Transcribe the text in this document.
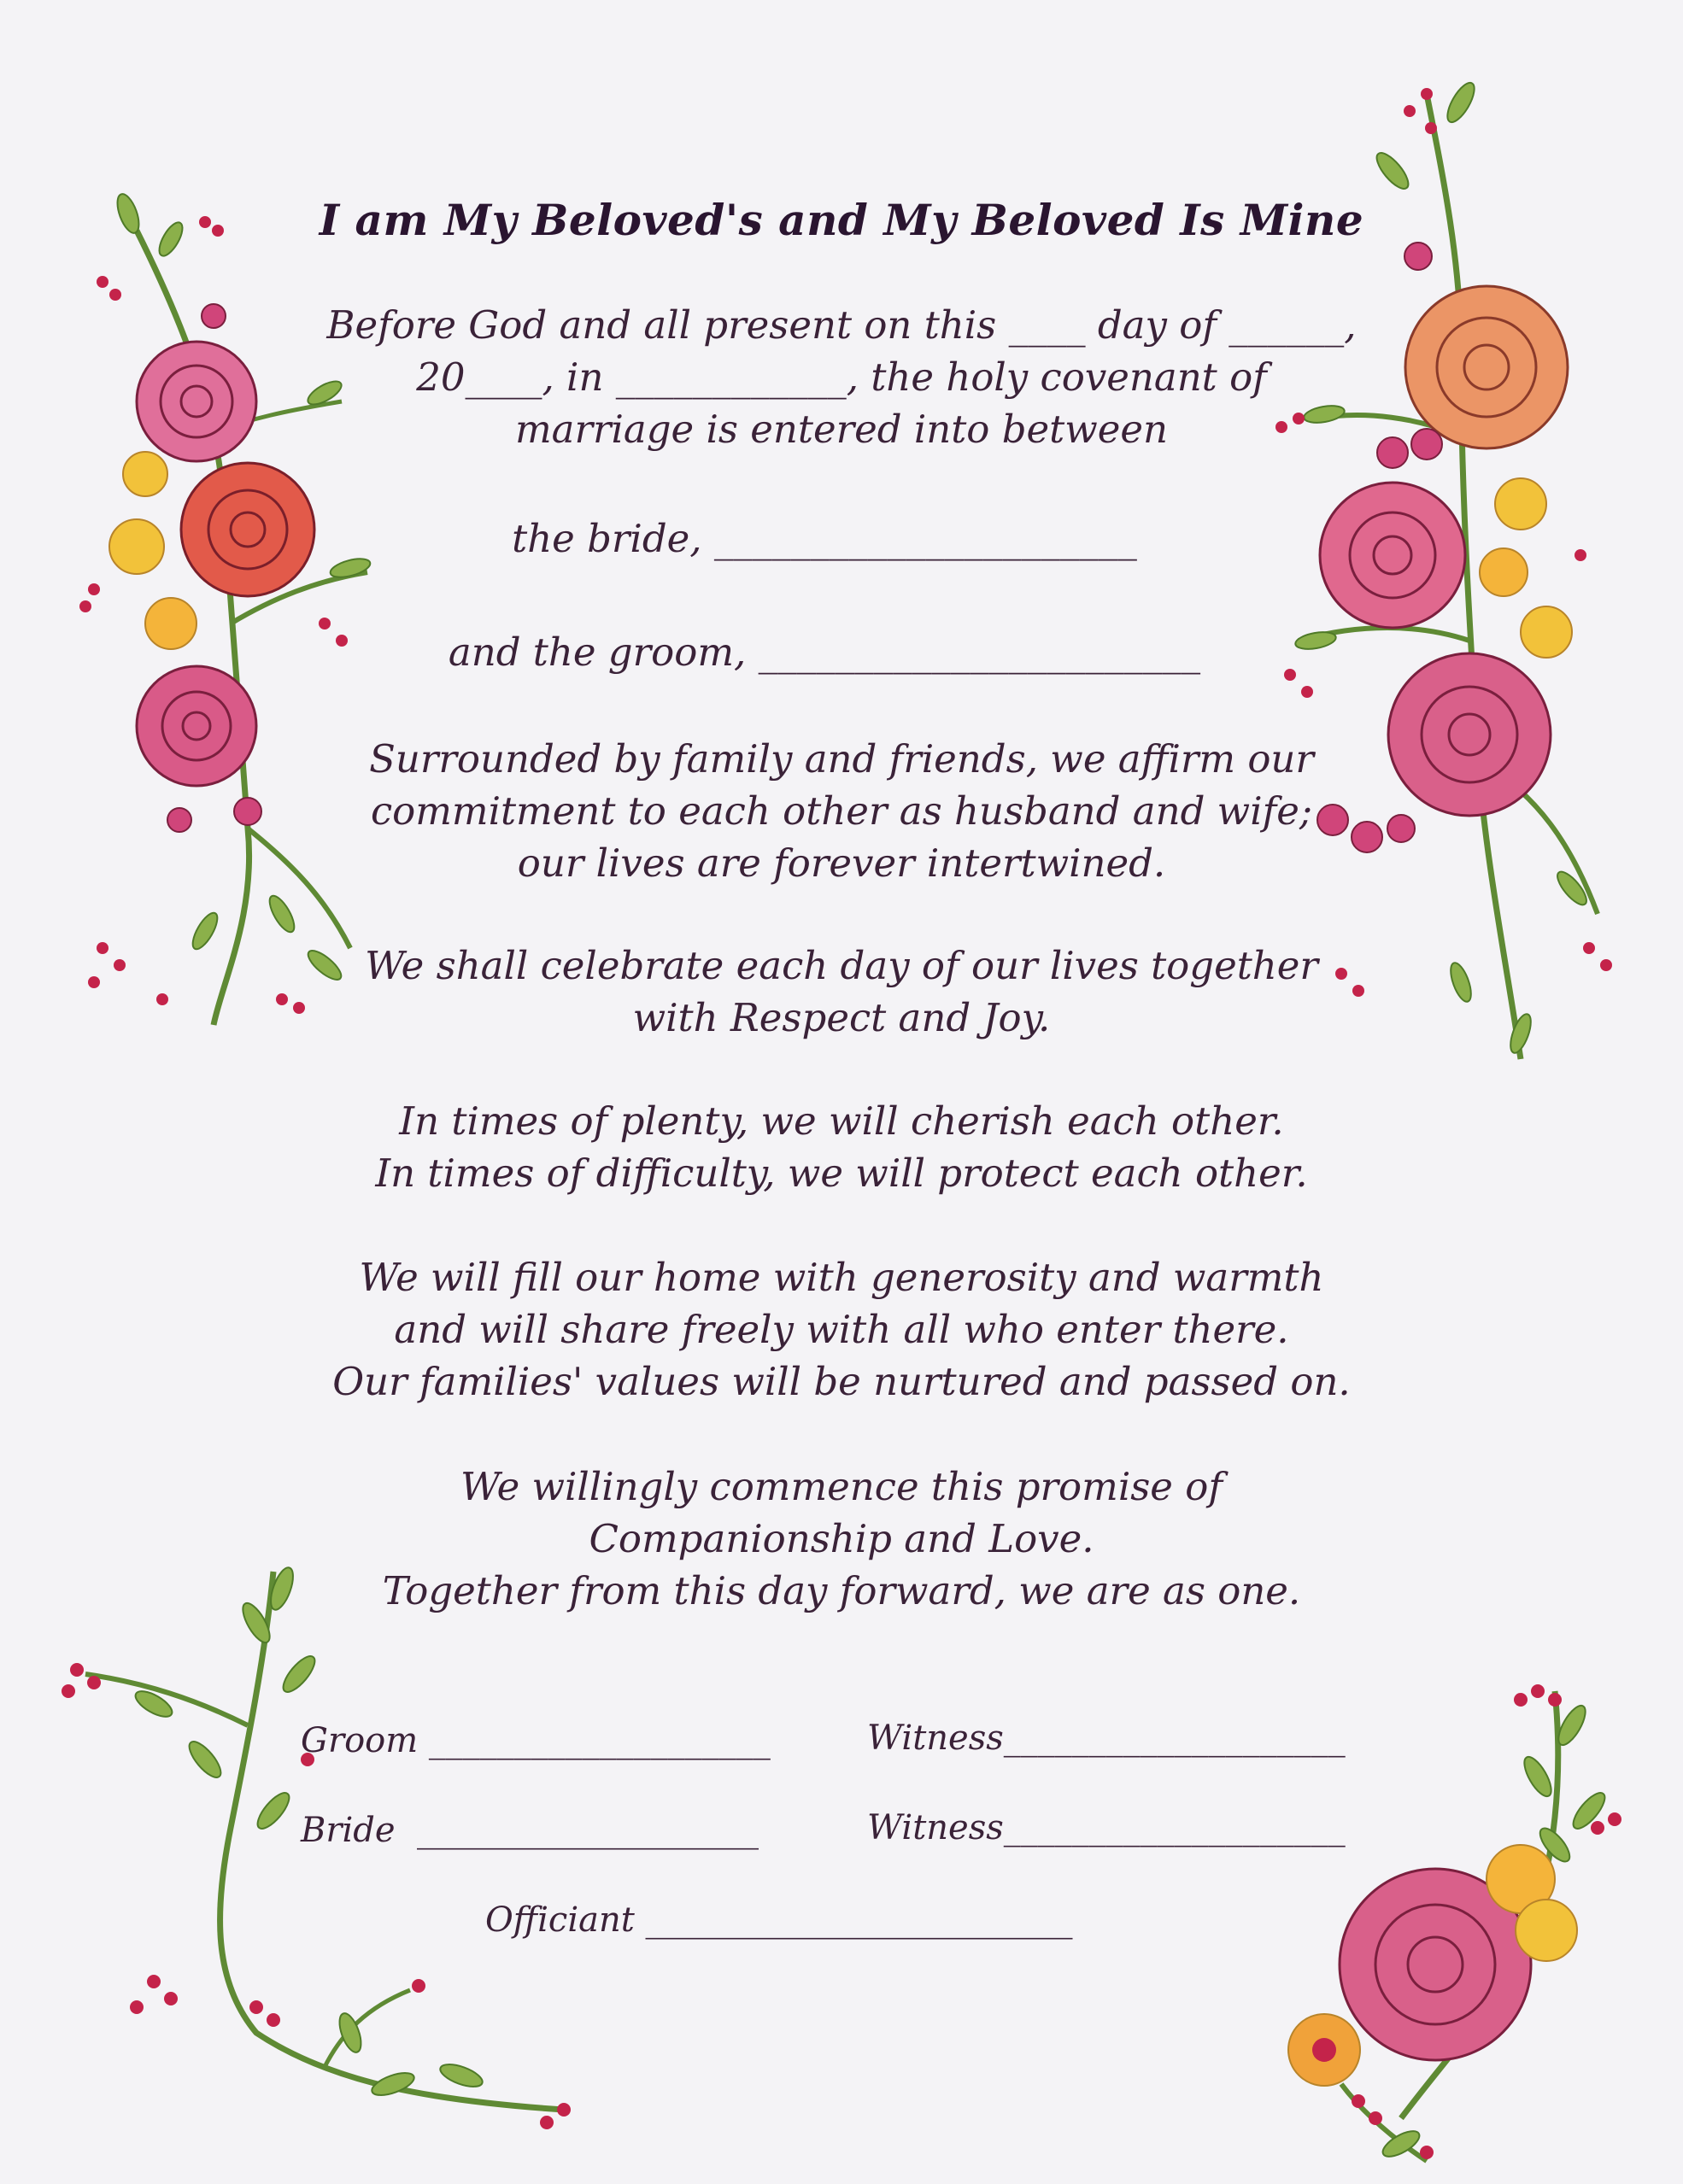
I am My Beloved's and My Beloved Is Mine
Before God and all present on this ____ day of ______,
20____, in ____________, the holy covenant of
marriage is entered into between
the bride, ______________________
and the groom, _______________________
Surrounded by family and friends, we affirm our
commitment to each other as husband and wife;
our lives are forever intertwined.
We shall celebrate each day of our lives together
with Respect and Joy.
In times of plenty, we will cherish each other.
In times of difficulty, we will protect each other.
We will fill our home with generosity and warmth
and will share freely with all who enter there.
Our families' values will be nurtured and passed on.
We willingly commence this promise of
Companionship and Love.
Together from this day forward, we are as one.
Groom ____________________
Bride  ____________________
Witness____________________
Witness____________________
Officiant _________________________
